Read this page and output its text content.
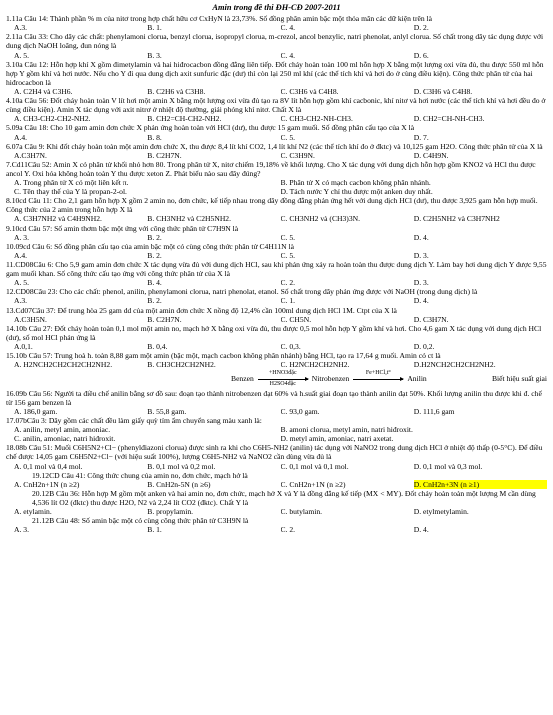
Amin trong đề thi ĐH-CĐ 2007-2011
1.11a Câu 14: Thành phần % m của nitơ trong hợp chất hữu cơ CxHyN là 23,73%. Số đồng phân amin bậc một thỏa mãn các dữ kiện trên là
A.3.	B. 1.	C. 4.	D. 2.
2.11a Câu 33: Cho dãy các chất: phenylamoni clorua, benzyl clorua, isopropyl clorua, m-crezol, ancol benzylic, natri phenolat, anlyl clorua. Số chất trong dãy tác dụng được với dung dịch NaOH loãng, đun nóng là
A. 5.	B. 3.	C. 4.	D. 6.
3.10a Câu 12: Hỗn hợp khí X gồm đimetylamin và hai hiđrocacbon đồng đẳng liên tiếp. Đốt cháy hoàn toàn 100 ml hỗn hợp X bằng một lượng oxi vừa đủ, thu được 550 ml hỗn hợp Y gồm khí và hơi nước. Nếu cho Y đi qua dung dịch axit sunfuric đặc (dư) thì còn lại 250 ml khí (các thể tích khí và hơi đo ở cùng điều kiện). Công thức phân tử của hai hiđrocacbon là
A. C2H4 và C3H6.	B. C2H6 và C3H8.	C. C3H6 và C4H8.	D. C3H6 và C4H8.
4.10a Câu 56: Đốt cháy hoàn toàn V lít hơi một amin X bằng một lượng oxi vừa đủ tạo ra 8V lít hỗn hợp gồm khí cacbonic, khí nitơ và hơi nước (các thể tích khí và hơi đều đo ở cùng điều kiện). Amin X tác dụng với axit nitrơ ở nhiệt độ thường, giải phóng khí nitơ. Chất X là
A. CH3-CH2-CH2-NH2.	B. CH2=CH-CH2-NH2.	C. CH3-CH2-NH-CH3.	D. CH2=CH-NH-CH3.
5.09a Câu 18: Cho 10 gam amin đơn chức X phản ứng hoàn toàn với HCl (dư), thu được 15 gam muối. Số đồng phân cấu tạo của X là
A.4.	B. 8.	C. 5.	D. 7.
6.07a Câu 9: Khi đốt cháy hoàn toàn một amin đơn chức X, thu được 8,4 lít khí CO2, 1,4 lít khí N2 (các thể tích khí đo ở đktc) và 10,125 gam H2O. Công thức phân tử của X là
A.C3H7N.	B. C2H7N.	C. C3H9N.	D. C4H9N.
7.Cd11Câu 52: Amin X có phân tử khối nhỏ hơn 80. Trong phân tử X, nitơ chiếm 19,18% về khối lượng. Cho X tác dụng với dung dịch hỗn hợp gồm KNO2 và HCl thu được ancol Y. Oxi hóa không hoàn toàn Y thu được xeton Z. Phát biểu nào sau đây đúng?
A. Trong phân tử X có một liên kết π.	B. Phân tử X có mạch cacbon không phân nhánh.
C. Tên thay thế của Y là propan-2-ol.	D. Tách nước Y chỉ thu được một anken duy nhất.
8.10cd Câu 11: Cho 2,1 gam hỗn hợp X gồm 2 amin no, đơn chức, kế tiếp nhau trong dãy đồng đẳng phản ứng hết với dung dịch HCl (dư), thu được 3,925 gam hỗn hợp muối. Công thức của 2 amin trong hỗn hợp X là
A. C3H7NH2 và C4H9NH2.	B. CH3NH2 và C2H5NH2.	C. CH3NH2 và (CH3)3N.	D. C2H5NH2 và C3H7NH2
9.10cd Câu 57: Số amin thơm bậc một ứng với công thức phân tử C7H9N là
A. 3.	B. 2.	C. 5.	D. 4.
10.09cd Câu 6: Số đồng phân cấu tạo của amin bậc một có cùng công thức phân tử C4H11N là
A.4.	B. 2.	C. 5.	D. 3.
11.CD08Câu 6: Cho 5,9 gam amin đơn chức X tác dụng vừa đủ với dung dịch HCl, sau khi phản ứng xảy ra hoàn toàn thu được dung dịch Y. Làm bay hơi dung dịch Y được 9,55 gam muối khan. Số công thức cấu tạo ứng với công thức phân tử của X là
A. 5.	B. 4.	C. 2.	D. 3.
12.CD08Câu 23: Cho các chất: phenol, anilin, phenylamoni clorua, natri phenolat, etanol. Số chất trong dãy phản ứng được với NaOH (trong dung dịch) là
A.3.	B. 2.	C. 1.	D. 4.
13.Cd07Câu 37: Để trung hòa 25 gam dd của một amin đơn chức X nồng độ 12,4% cần 100ml dung dịch HCl 1M. Ctpt của X là
A.C3H5N.	B. C2H7N.	C. CH5N.	D. C3H7N.
14.10b Câu 27: Đốt cháy hoàn toàn 0,1 mol một amin no, mạch hở X bằng oxi vừa đủ, thu được 0,5 mol hỗn hợp Y gồm khí và hơi. Cho 4,6 gam X tác dụng với dung dịch HCl (dư), số mol HCl phản ứng là
A.0,1.	B. 0,4.	C. 0,3.	D. 0,2.
15.10b Câu 57: Trung hoà h. toàn 8,88 gam một amin (bậc một, mạch cacbon không phân nhánh) bằng HCl, tạo ra 17,64 g muối. Amin có ct là
A. H2NCH2CH2CH2CH2NH2.	B. CH3CH2CH2NH2.	C. H2NCH2CH2NH2.	D.H2NCH2CH2CH2NH2.
Benzen
+HNO3đặc
H2SO4đặc
Nitrobenzen
Fe+HCl,t°

Anilin	Biết hiệu suất giai
16.09b Câu 56: Người ta điều chế anilin bằng sơ đồ sau: đoạn tạo thành nitrobenzen đạt 60% và h.suất giai đoạn tạo thành anilin đạt 50%. Khối lượng anilin thu được khi đ. chế từ 156 gam benzen là
A. 186,0 gam.	B. 55,8 gam.	C. 93,0 gam.	D. 111,6 gam
17.07bCâu 3: Dãy gồm các chất đều làm giấy quỳ tím ẩm chuyển sang màu xanh là:
A. anilin, metyl amin, amoniac.	B. amoni clorua, metyl amin, natri hiđroxit.
C. anilin, amoniac, natri hiđroxit.	D. metyl amin, amoniac, natri axetat.
18.08b Câu 51: Muối C6H5N2+Cl− (phenylđiazoni clorua) được sinh ra khi cho C6H5-NH2 (anilin) tác dụng với NaNO2 trong dung dịch HCl ở nhiệt độ thấp (0-5°C). Để điều chế được 14,05 gam C6H5N2+Cl− (với hiệu suất 100%), lượng C6H5-NH2 và NaNO2 cần dùng vừa đủ là
A. 0,1 mol và 0,4 mol.	B. 0,1 mol và 0,2 mol.	C. 0,1 mol và 0,1 mol.	D. 0,1 mol và 0,3 mol.
19.12CD Câu 41: Công thức chung của amin no, đơn chức, mạch hở là
A. CnH2n+1N (n ≥2)	B. CnH2n-5N (n ≥6)	C. CnH2n+1N (n ≥2)	D. CnH2n+3N (n ≥1)
20.12B Câu 36: Hỗn hợp M gồm một anken và hai amin no, đơn chức, mạch hở X và Y là đồng đẳng kế tiếp (MX < MY). Đốt cháy hoàn toàn một lượng M cần dùng 4,536 lít O2 (đktc) thu được H2O, N2 và 2,24 lít CO2 (đktc). Chất Y là
A. etylamin.	B. propylamin.	C. butylamin.	D. etylmetylamin.
21.12B Câu 48: Số amin bậc một có cùng công thức phân tử C3H9N là
A. 3.	B. 1.	C. 2.	D. 4.
